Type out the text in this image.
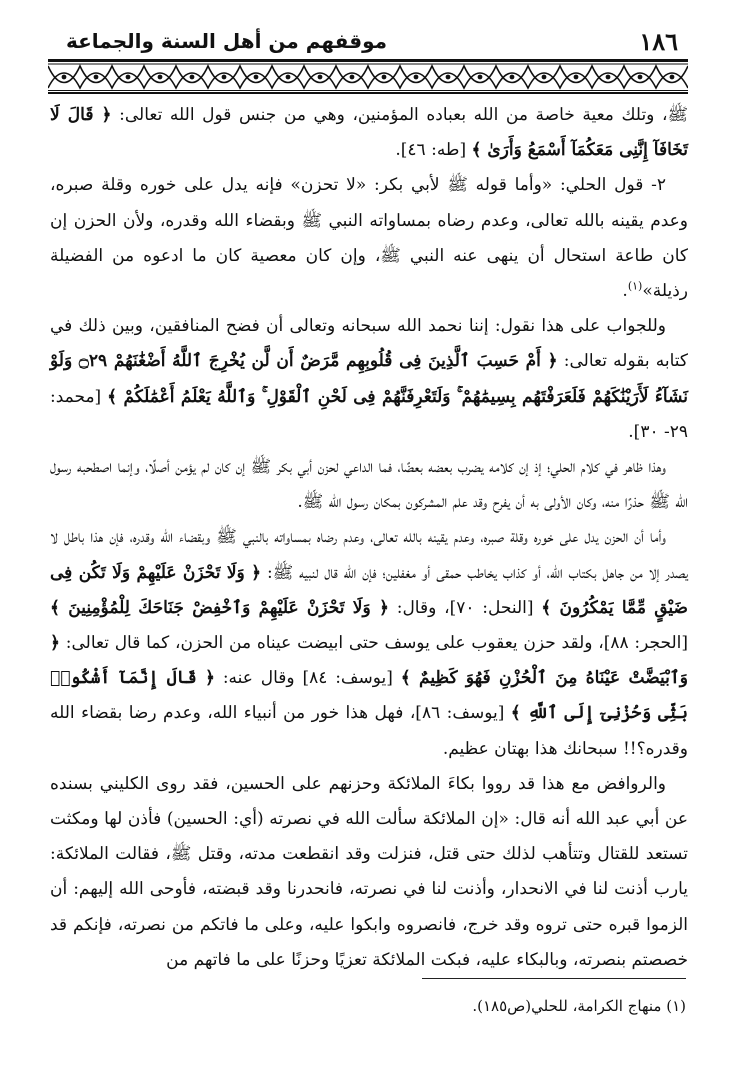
١٨٦
موقفهم من أهل السنة والجماعة

ﷺ، وتلك معية خاصة من الله بعباده المؤمنين، وهي من جنس قول الله تعالى: ﴿ قَالَ لَا تَخَافَآ إِنَّنِى مَعَكُمَآ أَسْمَعُ وَأَرَىٰ ﴾ [طه: ٤٦].

٢- قول الحلي: «وأما قوله ﷺ لأبي بكر: «لا تحزن» فإنه يدل على خوره وقلة صبره، وعدم يقينه بالله تعالى، وعدم رضاه بمساواته النبي ﷺ وبقضاء الله وقدره، ولأن الحزن إن كان طاعة استحال أن ينهى عنه النبي ﷺ، وإن كان معصية كان ما ادعوه من الفضيلة رذيلة»$^{(١)}$.

وللجواب على هذا نقول: إننا نحمد الله سبحانه وتعالى أن فضح المنافقين، وبين ذلك في كتابه بقوله تعالى: ﴿ أَمْ حَسِبَ ٱلَّذِينَ فِى قُلُوبِهِم مَّرَضٌ أَن لَّن يُخْرِجَ ٱللَّهُ أَضْغَٰنَهُمْ ۝٢٩ وَلَوْ نَشَآءُ لَأَرَيْنَٰكَهُمْ فَلَعَرَفْتَهُم بِسِيمَٰهُمْ ۚ وَلَتَعْرِفَنَّهُمْ فِى لَحْنِ ٱلْقَوْلِ ۚ وَٱللَّهُ يَعْلَمُ أَعْمَٰلَكُمْ ﴾ [محمد: ٢٩- ٣٠].

وهذا ظاهر في كلام الحلي؛ إذ إن كلامه يضرب بعضه بعضًا، فما الداعي لحزن أبي بكر ﷺ إن كان لم يؤمن أصلًا، وإنما اصطحبه رسول الله ﷺ حذرًا منه، وكان الأولى به أن يفرح وقد علم المشركون بمكان رسول الله ﷺ.

وأما أن الحزن يدل على خوره وقلة صبره، وعدم يقينه بالله تعالى، وعدم رضاه بمساواته بالنبي ﷺ وبقضاء الله وقدره، فإن هذا باطل لا يصدر إلا من جاهل بكتاب الله، أو كذاب يخاطب حمقى أو مغفلين؛ فإن الله قال لنبيه ﷺ: ﴿ وَلَا تَحْزَنْ عَلَيْهِمْ وَلَا تَكُن فِى ضَيْقٍ مِّمَّا يَمْكُرُونَ ﴾ [النحل: ٧٠]، وقال: ﴿ وَلَا تَحْزَنْ عَلَيْهِمْ وَٱخْفِضْ جَنَاحَكَ لِلْمُؤْمِنِينَ ﴾ [الحجر: ٨٨]، ولقد حزن يعقوب على يوسف حتى ابيضت عيناه من الحزن، كما قال تعالى: ﴿ وَٱبْيَضَّتْ عَيْنَاهُ مِنَ ٱلْحُزْنِ فَهُوَ كَظِيمٌ ﴾ [يوسف: ٨٤] وقال عنه: ﴿ قَالَ إِنَّمَآ أَشْكُوا۟ بَثِّى وَحُزْنِىٓ إِلَى ٱللَّهِ ﴾ [يوسف: ٨٦]، فهل هذا خور من أنبياء الله، وعدم رضا بقضاء الله وقدره؟!! سبحانك هذا بهتان عظيم.

والروافض مع هذا قد رووا بكاءَ الملائكة وحزنهم على الحسين، فقد روى الكليني بسنده عن أبي عبد الله أنه قال: «إن الملائكة سألت الله في نصرته (أي: الحسين) فأذن لها ومكثت تستعد للقتال وتتأهب لذلك حتى قتل، فنزلت وقد انقطعت مدته، وقتل ﷺ، فقالت الملائكة: يارب أذنت لنا في الانحدار، وأذنت لنا في نصرته، فانحدرنا وقد قبضته، فأوحى الله إليهم: أن الزموا قبره حتى تروه وقد خرج، فانصروه وابكوا عليه، وعلى ما فاتكم من نصرته، فإنكم قد خصصتم بنصرته، وبالبكاء عليه، فبكت الملائكة تعزيًا وحزنًا على ما فاتهم من

(١) منهاج الكرامة، للحلي(ص١٨٥).
